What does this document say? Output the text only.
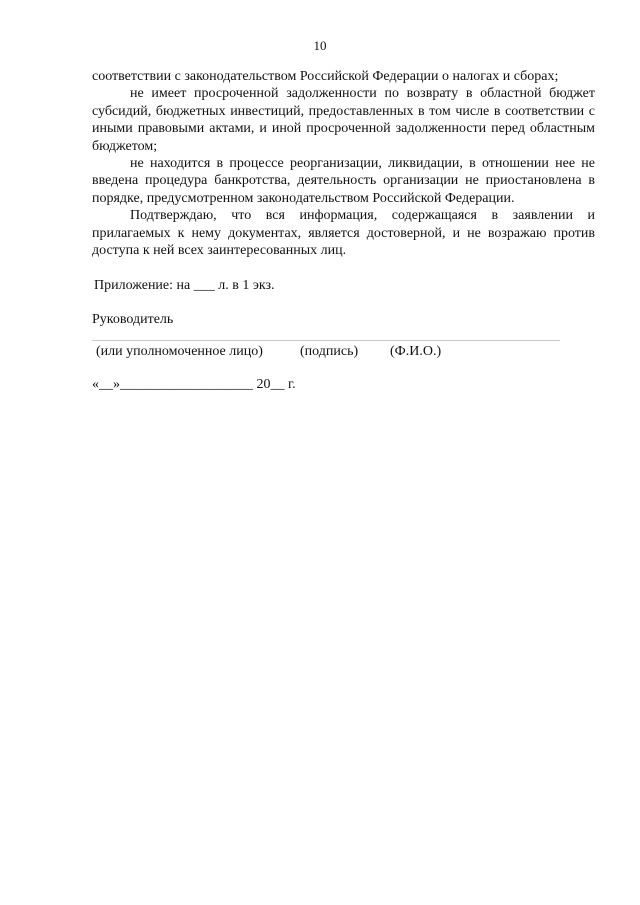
10

соответствии с законодательством Российской Федерации о налогах и сборах;

не имеет просроченной задолженности по возврату в областной бюджет субсидий, бюджетных инвестиций, предоставленных в том числе в соответствии с иными правовыми актами, и иной просроченной задолженности перед областным бюджетом;

не находится в процессе реорганизации, ликвидации, в отношении нее не введена процедура банкротства, деятельность организации не приостановлена в порядке, предусмотренном законодательством Российской Федерации.

Подтверждаю, что вся информация, содержащаяся в заявлении и прилагаемых к нему документах, является достоверной, и не возражаю против доступа к ней всех заинтересованных лиц.

Приложение: на ___ л. в 1 экз.
Руководитель
(или уполномоченное лицо)	(подпись)	(Ф.И.О.)
«__»___________________ 20__ г.
